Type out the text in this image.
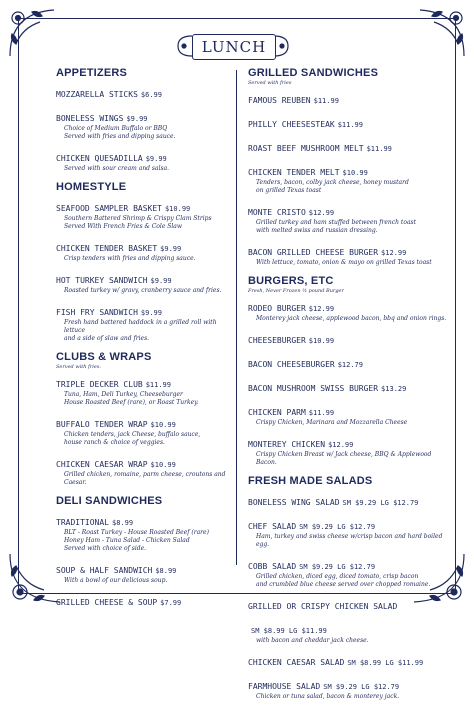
LUNCH
APPETIZERS
MOZZARELLA STICKS $6.99
BONELESS WINGS $9.99
Choice of Medium Buffalo or BBQ
Served with fries and dipping sauce.
CHICKEN QUESADILLA $9.99
Served with sour cream and salsa.
HOMESTYLE
SEAFOOD SAMPLER BASKET $10.99
Southern Battered Shrimp & Crispy Clam Strips
Served With French Fries & Cole Slaw
CHICKEN TENDER BASKET $9.99
Crisp tenders with fries and dipping sauce.
HOT TURKEY SANDWICH $9.99
Roasted turkey w/ gravy, cranberry sauce and fries.
FISH FRY SANDWICH $9.99
Fresh hand battered haddock in a grilled roll with lettuce
and a side of slaw and fries.
CLUBS & WRAPS
Served with fries.
TRIPLE DECKER CLUB $11.99
Tuna, Ham, Deli Turkey, Cheeseburger
House Roasted Beef (rare), or Roast Turkey.
BUFFALO TENDER WRAP $10.99
Chicken tenders, jack Cheese, buffalo sauce,
house ranch & choice of veggies.
CHICKEN CAESAR WRAP $10.99
Grilled chicken, romaine, parm cheese, croutons and Caesar.
DELI SANDWICHES
TRADITIONAL $8.99
BLT - Roast Turkey - House Roasted Beef (rare)
Honey Ham - Tuna Salad - Chicken Salad
Served with choice of side.
SOUP & HALF SANDWICH $8.99
With a bowl of our delicious soup.
GRILLED CHEESE & SOUP $7.99
GRILLED SANDWICHES
Served with fries
FAMOUS REUBEN $11.99
PHILLY CHEESESTEAK $11.99
ROAST BEEF MUSHROOM MELT $11.99
CHICKEN TENDER MELT $10.99
Tenders, bacon, colby jack cheese, honey mustard
on grilled Texas toast
MONTE CRISTO $12.99
Grilled turkey and ham stuffed between french toast
with melted swiss and russian dressing.
BACON GRILLED CHEESE BURGER $12.99
With lettuce, tomato, onion & mayo on grilled Texas toast
BURGERS, ETC
Fresh, Never Frozen ½ pound Burger
RODEO BURGER $12.99
Monterey jack cheese, applewood bacon, bbq and onion rings.
CHEESEBURGER $10.99
BACON CHEESEBURGER $12.79
BACON MUSHROOM SWISS BURGER $13.29
CHICKEN PARM $11.99
Crispy Chicken, Marinara and Mozzarella Cheese
MONTEREY CHICKEN $12.99
Crispy Chicken Breast w/ Jack cheese, BBQ & Applewood Bacon.
FRESH MADE SALADS
BONELESS WING SALAD SM $9.29 LG $12.79
CHEF SALAD SM $9.29 LG $12.79
Ham, turkey and swiss cheese w/crisp bacon and hard boiled egg.
COBB SALAD SM $9.29 LG $12.79
Grilled chicken, diced egg, diced tomato, crisp bacon
and crumbled blue cheese served over chopped romaine.
GRILLED OR CRISPY CHICKEN SALAD
SM $8.99 LG $11.99
with bacon and cheddar jack cheese.
CHICKEN CAESAR SALAD SM $8.99 LG $11.99
FARMHOUSE SALAD SM $9.29 LG $12.79
Chicken or tuna salad, bacon & monterey jack.
